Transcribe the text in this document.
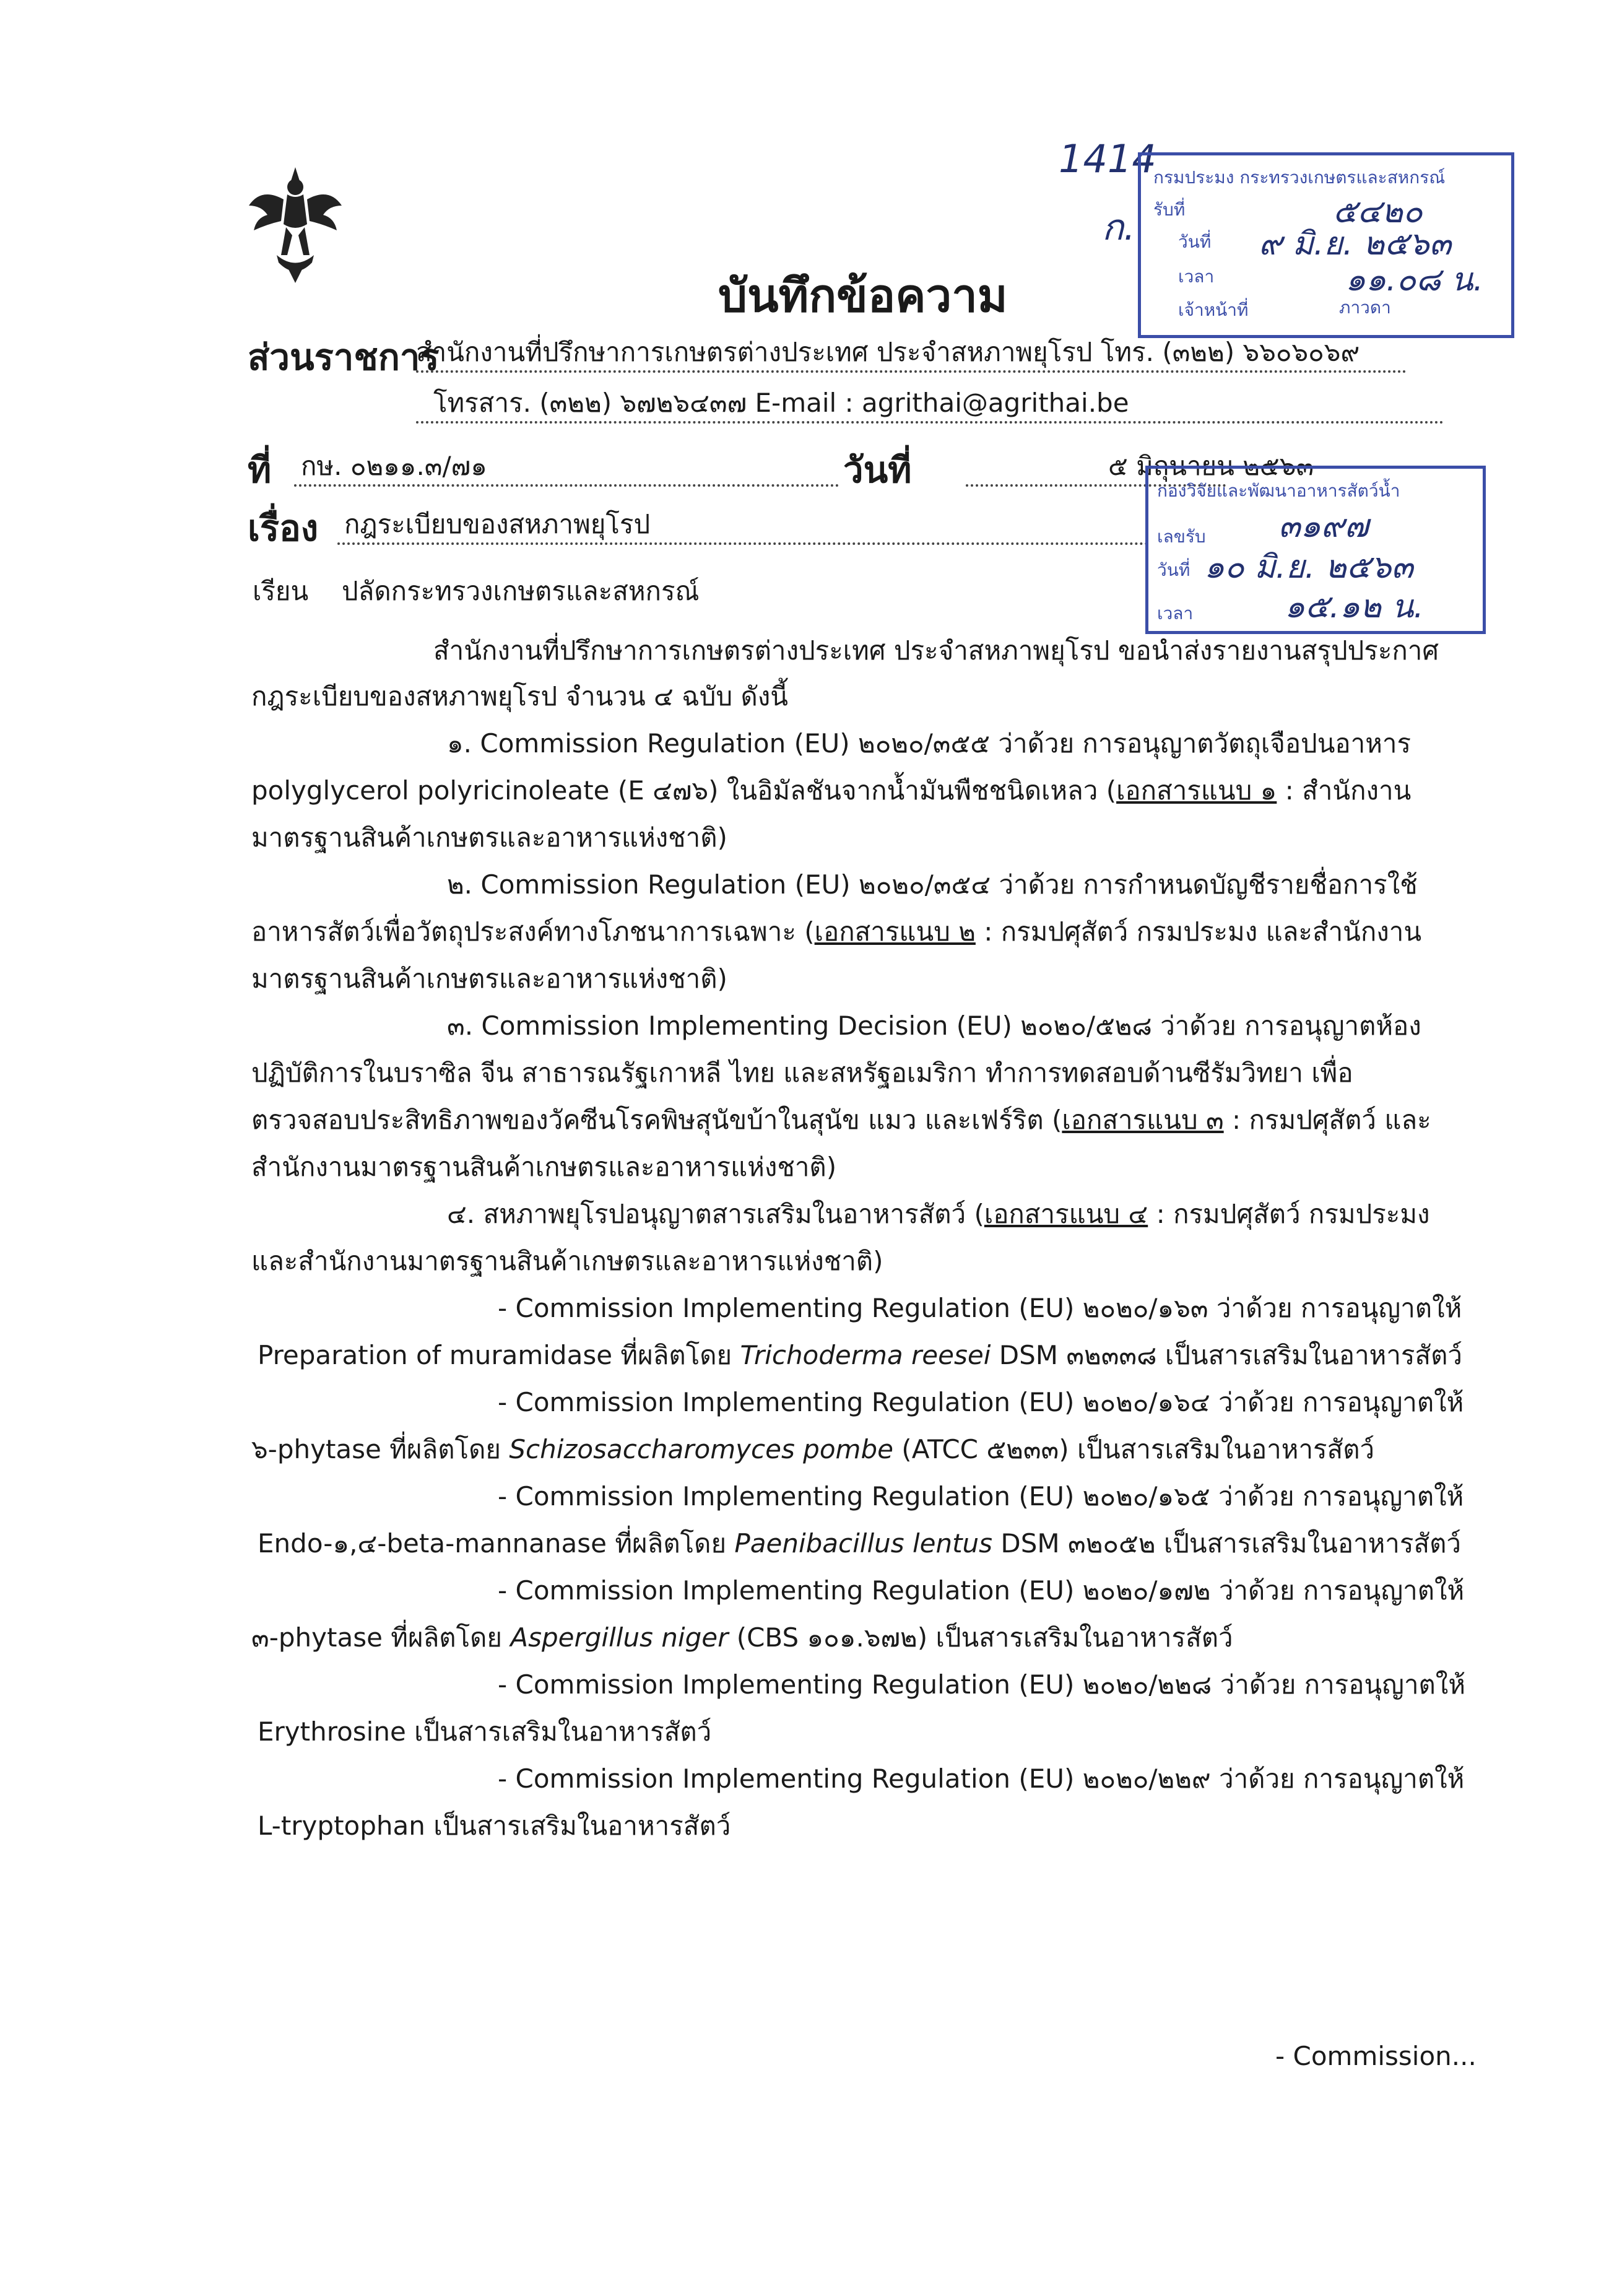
บันทึกข้อความ
ส่วนราชการ
สำนักงานที่ปรึกษาการเกษตรต่างประเทศ ประจำสหภาพยุโรป โทร. (๓๒๒) ๖๖๐๖๐๖๙
โทรสาร. (๓๒๒) ๖๗๒๖๔๓๗ E-mail : agrithai@agrithai.be
ที่ กษ. ๐๒๑๑.๓/๗๑	วันที่	๕ มิถุนายน ๒๕๖๓
เรื่อง กฎระเบียบของสหภาพยุโรป
เรียน ปลัดกระทรวงเกษตรและสหกรณ์
สำนักงานที่ปรึกษาการเกษตรต่างประเทศ ประจำสหภาพยุโรป ขอนำส่งรายงานสรุปประกาศ
กฎระเบียบของสหภาพยุโรป จำนวน ๔ ฉบับ ดังนี้
๑. Commission Regulation (EU) ๒๐๒๐/๓๕๕ ว่าด้วย การอนุญาตวัตถุเจือปนอาหาร
polyglycerol polyricinoleate (E ๔๗๖) ในอิมัลชันจากน้ำมันพืชชนิดเหลว (เอกสารแนบ ๑ : สำนักงาน
มาตรฐานสินค้าเกษตรและอาหารแห่งชาติ)
๒. Commission Regulation (EU) ๒๐๒๐/๓๕๔ ว่าด้วย การกำหนดบัญชีรายชื่อการใช้
อาหารสัตว์เพื่อวัตถุประสงค์ทางโภชนาการเฉพาะ (เอกสารแนบ ๒ : กรมปศุสัตว์ กรมประมง และสำนักงาน
มาตรฐานสินค้าเกษตรและอาหารแห่งชาติ)
๓. Commission Implementing Decision (EU) ๒๐๒๐/๕๒๘ ว่าด้วย การอนุญาตห้อง
ปฏิบัติการในบราซิล จีน สาธารณรัฐเกาหลี ไทย และสหรัฐอเมริกา ทำการทดสอบด้านซีรัมวิทยา เพื่อ
ตรวจสอบประสิทธิภาพของวัคซีนโรคพิษสุนัขบ้าในสุนัข แมว และเฟร์ริต (เอกสารแนบ ๓ : กรมปศุสัตว์ และ
สำนักงานมาตรฐานสินค้าเกษตรและอาหารแห่งชาติ)
๔. สหภาพยุโรปอนุญาตสารเสริมในอาหารสัตว์ (เอกสารแนบ ๔ : กรมปศุสัตว์ กรมประมง
และสำนักงานมาตรฐานสินค้าเกษตรและอาหารแห่งชาติ)
- Commission Implementing Regulation (EU) ๒๐๒๐/๑๖๓ ว่าด้วย การอนุญาตให้
Preparation of muramidase ที่ผลิตโดย Trichoderma reesei DSM ๓๒๓๓๘ เป็นสารเสริมในอาหารสัตว์
- Commission Implementing Regulation (EU) ๒๐๒๐/๑๖๔ ว่าด้วย การอนุญาตให้
๖-phytase ที่ผลิตโดย Schizosaccharomyces pombe (ATCC ๕๒๓๓) เป็นสารเสริมในอาหารสัตว์
- Commission Implementing Regulation (EU) ๒๐๒๐/๑๖๕ ว่าด้วย การอนุญาตให้
Endo-๑,๔-beta-mannanase ที่ผลิตโดย Paenibacillus lentus DSM ๓๒๐๕๒ เป็นสารเสริมในอาหารสัตว์
- Commission Implementing Regulation (EU) ๒๐๒๐/๑๗๒ ว่าด้วย การอนุญาตให้
๓-phytase ที่ผลิตโดย Aspergillus niger (CBS ๑๐๑.๖๗๒) เป็นสารเสริมในอาหารสัตว์
- Commission Implementing Regulation (EU) ๒๐๒๐/๒๒๘ ว่าด้วย การอนุญาตให้
Erythrosine เป็นสารเสริมในอาหารสัตว์
- Commission Implementing Regulation (EU) ๒๐๒๐/๒๒๙ ว่าด้วย การอนุญาตให้
L-tryptophan เป็นสารเสริมในอาหารสัตว์
- Commission...
1414
ก.
กรมประมง กระทรวงเกษตรและสหกรณ์
รับที่	๕๔๒๐
วันที่ ๙ มิ.ย. ๒๕๖๓
เวลา	๑๑.๐๘ น.
เจ้าหน้าที่	ภาวดา
กองวิจัยและพัฒนาอาหารสัตว์น้ำ
เลขรับ ๓๑๙๗
วันที่ ๑๐ มิ.ย. ๒๕๖๓
เวลา	๑๕.๑๒ น.
